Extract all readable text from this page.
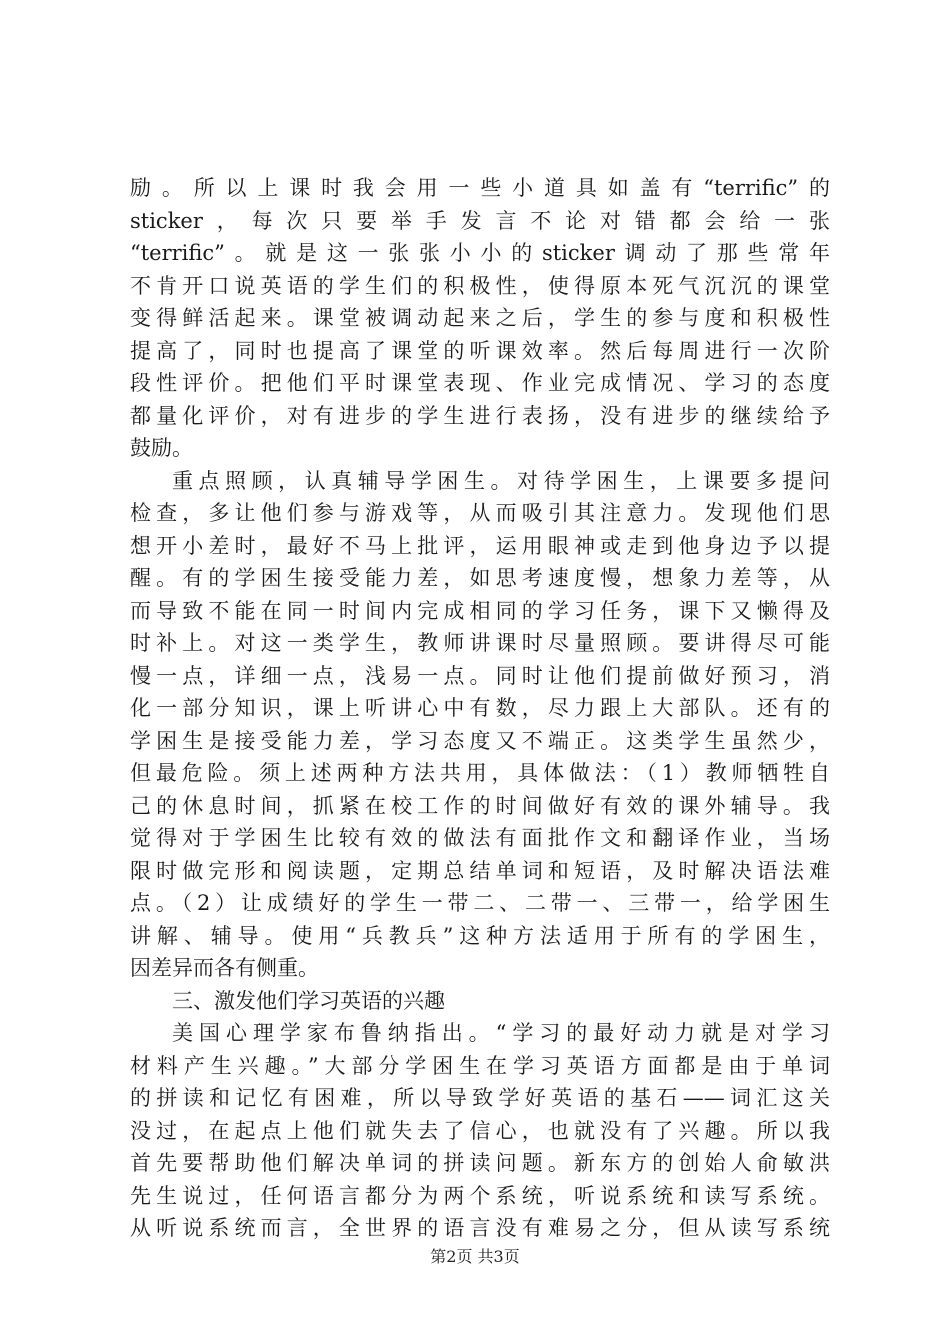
励。所以上课时我会用一些小道具如盖有“terrific”的
sticker，每次只要举手发言不论对错都会给一张
“terrific”。就是这一张张小小的sticker调动了那些常年
不肯开口说英语的学生们的积极性，使得原本死气沉沉的课堂
变得鲜活起来。课堂被调动起来之后，学生的参与度和积极性
提高了，同时也提高了课堂的听课效率。然后每周进行一次阶
段性评价。把他们平时课堂表现、作业完成情况、学习的态度
都量化评价，对有进步的学生进行表扬，没有进步的继续给予
鼓励。
重点照顾，认真辅导学困生。对待学困生，上课要多提问
检查，多让他们参与游戏等，从而吸引其注意力。发现他们思
想开小差时，最好不马上批评，运用眼神或走到他身边予以提
醒。有的学困生接受能力差，如思考速度慢，想象力差等，从
而导致不能在同一时间内完成相同的学习任务，课下又懒得及
时补上。对这一类学生，教师讲课时尽量照顾。要讲得尽可能
慢一点，详细一点，浅易一点。同时让他们提前做好预习，消
化一部分知识，课上听讲心中有数，尽力跟上大部队。还有的
学困生是接受能力差，学习态度又不端正。这类学生虽然少，
但最危险。须上述两种方法共用，具体做法：（1）教师牺牲自
己的休息时间，抓紧在校工作的时间做好有效的课外辅导。我
觉得对于学困生比较有效的做法有面批作文和翻译作业，当场
限时做完形和阅读题，定期总结单词和短语，及时解决语法难
点。（2）让成绩好的学生一带二、二带一、三带一，给学困生
讲解、辅导。使用“兵教兵”这种方法适用于所有的学困生，
因差异而各有侧重。
三、激发他们学习英语的兴趣
美国心理学家布鲁纳指出。“学习的最好动力就是对学习
材料产生兴趣。”大部分学困生在学习英语方面都是由于单词
的拼读和记忆有困难，所以导致学好英语的基石——词汇这关
没过，在起点上他们就失去了信心，也就没有了兴趣。所以我
首先要帮助他们解决单词的拼读问题。新东方的创始人俞敏洪
先生说过，任何语言都分为两个系统，听说系统和读写系统。
从听说系统而言，全世界的语言没有难易之分，但从读写系统
第2页 共3页
